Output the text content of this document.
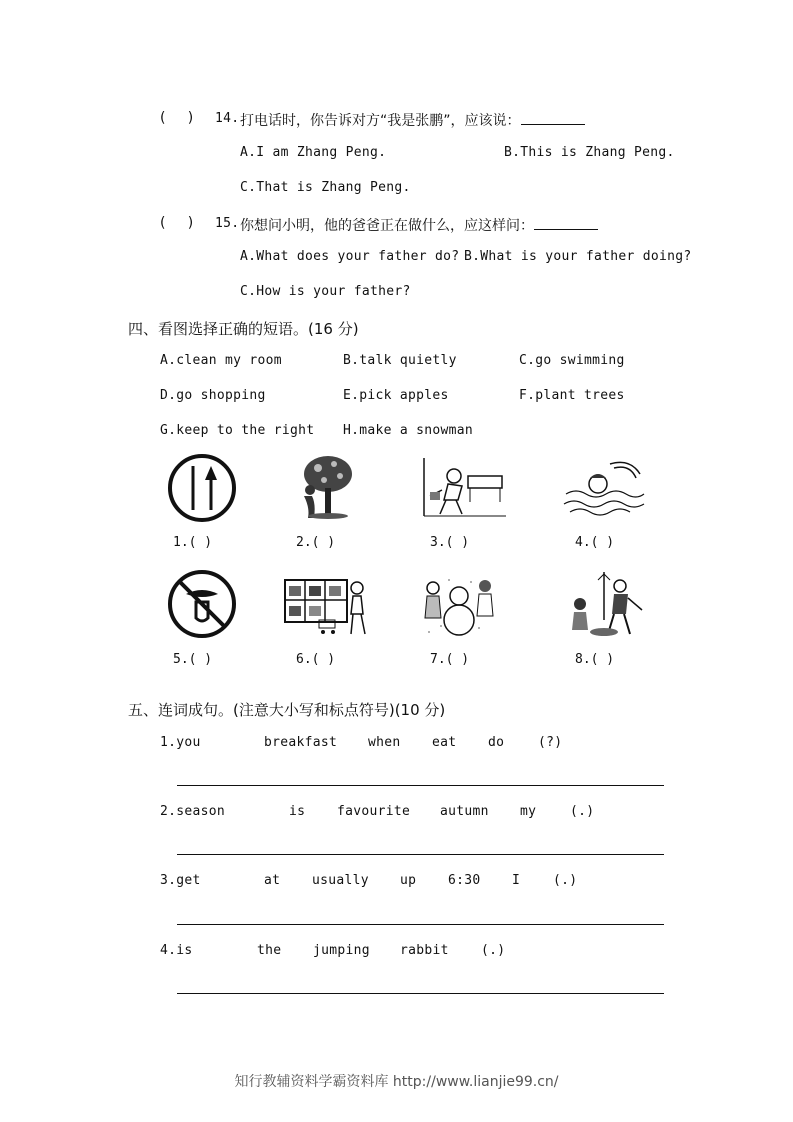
(     ) 14. 打电话时，你告诉对方“我是张鹏”，应该说：
A.I am Zhang Peng.	B.This is Zhang Peng.
C.That is Zhang Peng.
(     ) 15. 你想问小明，他的爸爸正在做什么，应这样问：
A.What does your father do? B.What is your father doing?
C.How is your father?
四、看图选择正确的短语。(16 分)
A.clean my room	B.talk quietly	C.go swimming
D.go shopping	E.pick apples	F.plant trees
G.keep to the right H.make a snowman
1.( )	2.( )	3.( )	4.( )
5.( )	6.( )	7.( )	8.( )
五、连词成句。(注意大小写和标点符号)(10 分)
1.you	breakfast when eat do	(?)
2.season	is favourite autumn my	(.)
3.get	at usually up 6:30 I	(.)
4.is	the jumping rabbit (.)
知行教辅资料学霸资料库 http://www.lianjie99.cn/
